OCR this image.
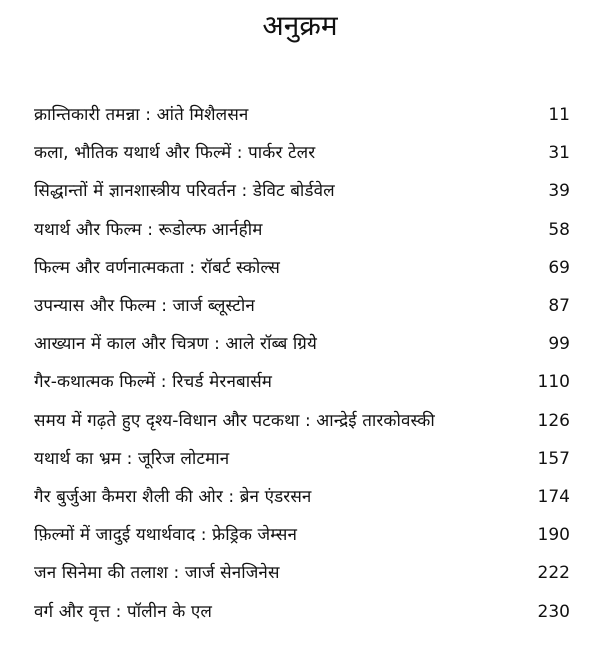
अनुक्रम
क्रान्तिकारी तमन्ना : आंते मिशैलसन	11
कला, भौतिक यथार्थ और फिल्में : पार्कर टेलर	31
सिद्धान्तों में ज्ञानशास्त्रीय परिवर्तन : डेविट बोर्डवेल	39
यथार्थ और फिल्म : रूडोल्फ आर्नहीम	58
फिल्म और वर्णनात्मकता : रॉबर्ट स्कोल्स	69
उपन्यास और फिल्म : जार्ज ब्लूस्टोन	87
आख्यान में काल और चित्रण : आले रॉब्ब ग्रियेे	99
गैर-कथात्मक फिल्में : रिचर्ड मेरनबार्सम	110
समय में गढ़ते हुए दृश्य-विधान और पटकथा : आन्द्रेई तारकोवस्की	126
यथार्थ का भ्रम : जूरिज लोटमान	157
गैर बुर्जुआ कैमरा शैली की ओर : ब्रेन एंडरसन	174
फ़िल्मों में जादुई यथार्थवाद : फ्रेड्रिक जेम्सन	190
जन सिनेमा की तलाश : जार्ज सेनजिनेस	222
वर्ग और वृत्त : पॉलीन के एल	230
